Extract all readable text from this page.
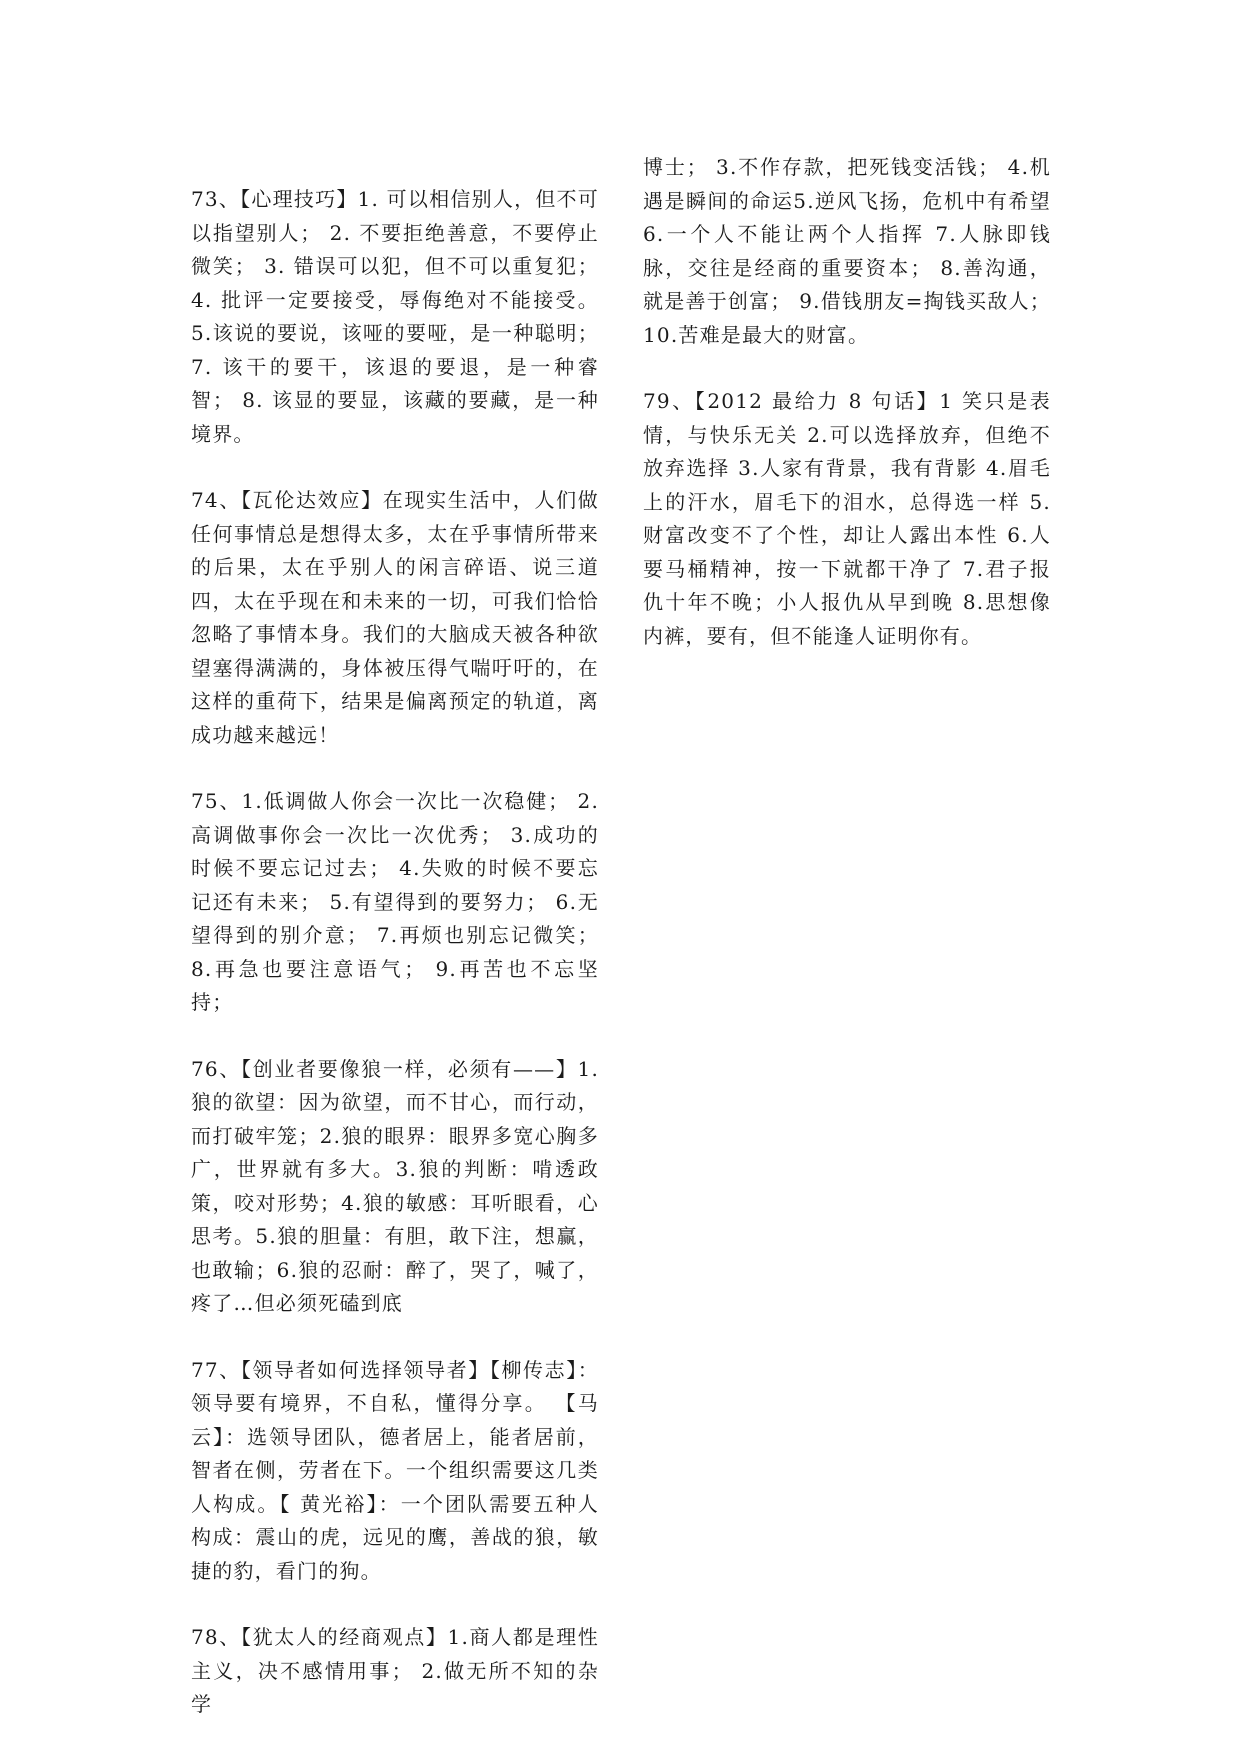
73、【心理技巧】1. 可以相信别人，但不可以指望别人； 2. 不要拒绝善意，不要停止微笑； 3. 错误可以犯，但不可以重复犯； 4. 批评一定要接受，辱侮绝对不能接受。5.该说的要说，该哑的要哑，是一种聪明； 7. 该干的要干，该退的要退，是一种睿智； 8. 该显的要显，该藏的要藏，是一种境界。

74、【瓦伦达效应】在现实生活中，人们做任何事情总是想得太多，太在乎事情所带来的后果，太在乎别人的闲言碎语、说三道四，太在乎现在和未来的一切，可我们恰恰忽略了事情本身。我们的大脑成天被各种欲望塞得满满的，身体被压得气喘吁吁的，在这样的重荷下，结果是偏离预定的轨道，离成功越来越远！

75、1.低调做人你会一次比一次稳健； 2.高调做事你会一次比一次优秀； 3.成功的时候不要忘记过去； 4.失败的时候不要忘记还有未来； 5.有望得到的要努力； 6.无望得到的别介意； 7.再烦也别忘记微笑； 8.再急也要注意语气； 9.再苦也不忘坚持；

76、【创业者要像狼一样，必须有——】1.狼的欲望：因为欲望，而不甘心，而行动，而打破牢笼；2.狼的眼界：眼界多宽心胸多广，世界就有多大。3.狼的判断：啃透政策，咬对形势；4.狼的敏感：耳听眼看，心思考。5.狼的胆量：有胆，敢下注，想赢，也敢输；6.狼的忍耐：醉了，哭了，喊了，疼了…但必须死磕到底

77、【领导者如何选择领导者】【柳传志】：领导要有境界，不自私，懂得分享。 【马云】：选领导团队，德者居上，能者居前，智者在侧，劳者在下。一个组织需要这几类人构成。【 黄光裕】：一个团队需要五种人构成：震山的虎，远见的鹰，善战的狼，敏捷的豹，看门的狗。

78、【犹太人的经商观点】1.商人都是理性主义，决不感情用事； 2.做无所不知的杂学

博士； 3.不作存款，把死钱变活钱； 4.机遇是瞬间的命运5.逆风飞扬，危机中有希望6.一个人不能让两个人指挥 7.人脉即钱脉，交往是经商的重要资本； 8.善沟通，就是善于创富； 9.借钱朋友=掏钱买敌人； 10.苦难是最大的财富。

79、【2012 最给力 8 句话】1 笑只是表情，与快乐无关 2.可以选择放弃，但绝不放弃选择 3.人家有背景，我有背影 4.眉毛上的汗水，眉毛下的泪水，总得选一样 5.财富改变不了个性，却让人露出本性 6.人要马桶精神，按一下就都干净了 7.君子报仇十年不晚；小人报仇从早到晚 8.思想像内裤，要有，但不能逢人证明你有。
